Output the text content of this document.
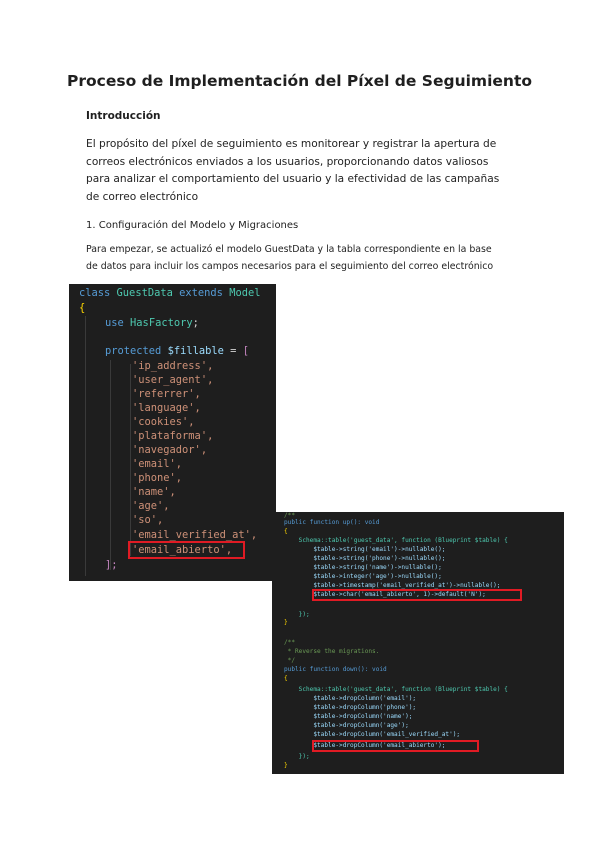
Proceso de Implementación del Píxel de Seguimiento
Introducción
El propósito del píxel de seguimiento es monitorear y registrar la apertura de
correos electrónicos enviados a los usuarios, proporcionando datos valiosos
para analizar el comportamiento del usuario y la efectividad de las campañas
de correo electrónico
1. Configuración del Modelo y Migraciones
Para empezar, se actualizó el modelo GuestData y la tabla correspondiente en la base
de datos para incluir los campos necesarios para el seguimiento del correo electrónico

class GuestData extends Model

{

use HasFactory;

protected $fillable = [

'ip_address',

'user_agent',

'referrer',

'language',

'cookies',

'plataforma',

'navegador',

'email',

'phone',

'name',

'age',

'so',

'email_verified_at',

'email_abierto',

];

/**

public function up(): void

{

Schema::table('guest_data', function (Blueprint $table) {

$table->string('email')->nullable();

$table->string('phone')->nullable();

$table->string('name')->nullable();

$table->integer('age')->nullable();

$table->timestamp('email_verified_at')->nullable();

$table->char('email_abierto', 1)->default('N');

});

}

/**

* Reverse the migrations.

*/

public function down(): void

{

Schema::table('guest_data', function (Blueprint $table) {

$table->dropColumn('email');

$table->dropColumn('phone');

$table->dropColumn('name');

$table->dropColumn('age');

$table->dropColumn('email_verified_at');

$table->dropColumn('email_abierto');

});

}
